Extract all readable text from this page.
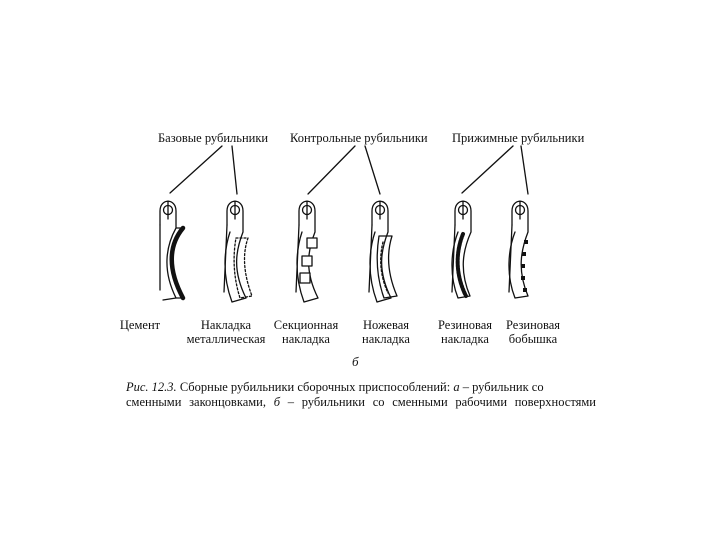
Базовые рубильники Контрольные рубильники Прижимные рубильники
Цемент	Накладка
металлическая
Секционная
накладка
Ножевая
накладка
Резиновая
накладка
Резиновая
бобышка
б
Рис. 12.3. Сборные рубильники сборочных приспособлений: а – рубильник со
сменными законцовками, б – рубильники со сменными рабочими поверхностями
